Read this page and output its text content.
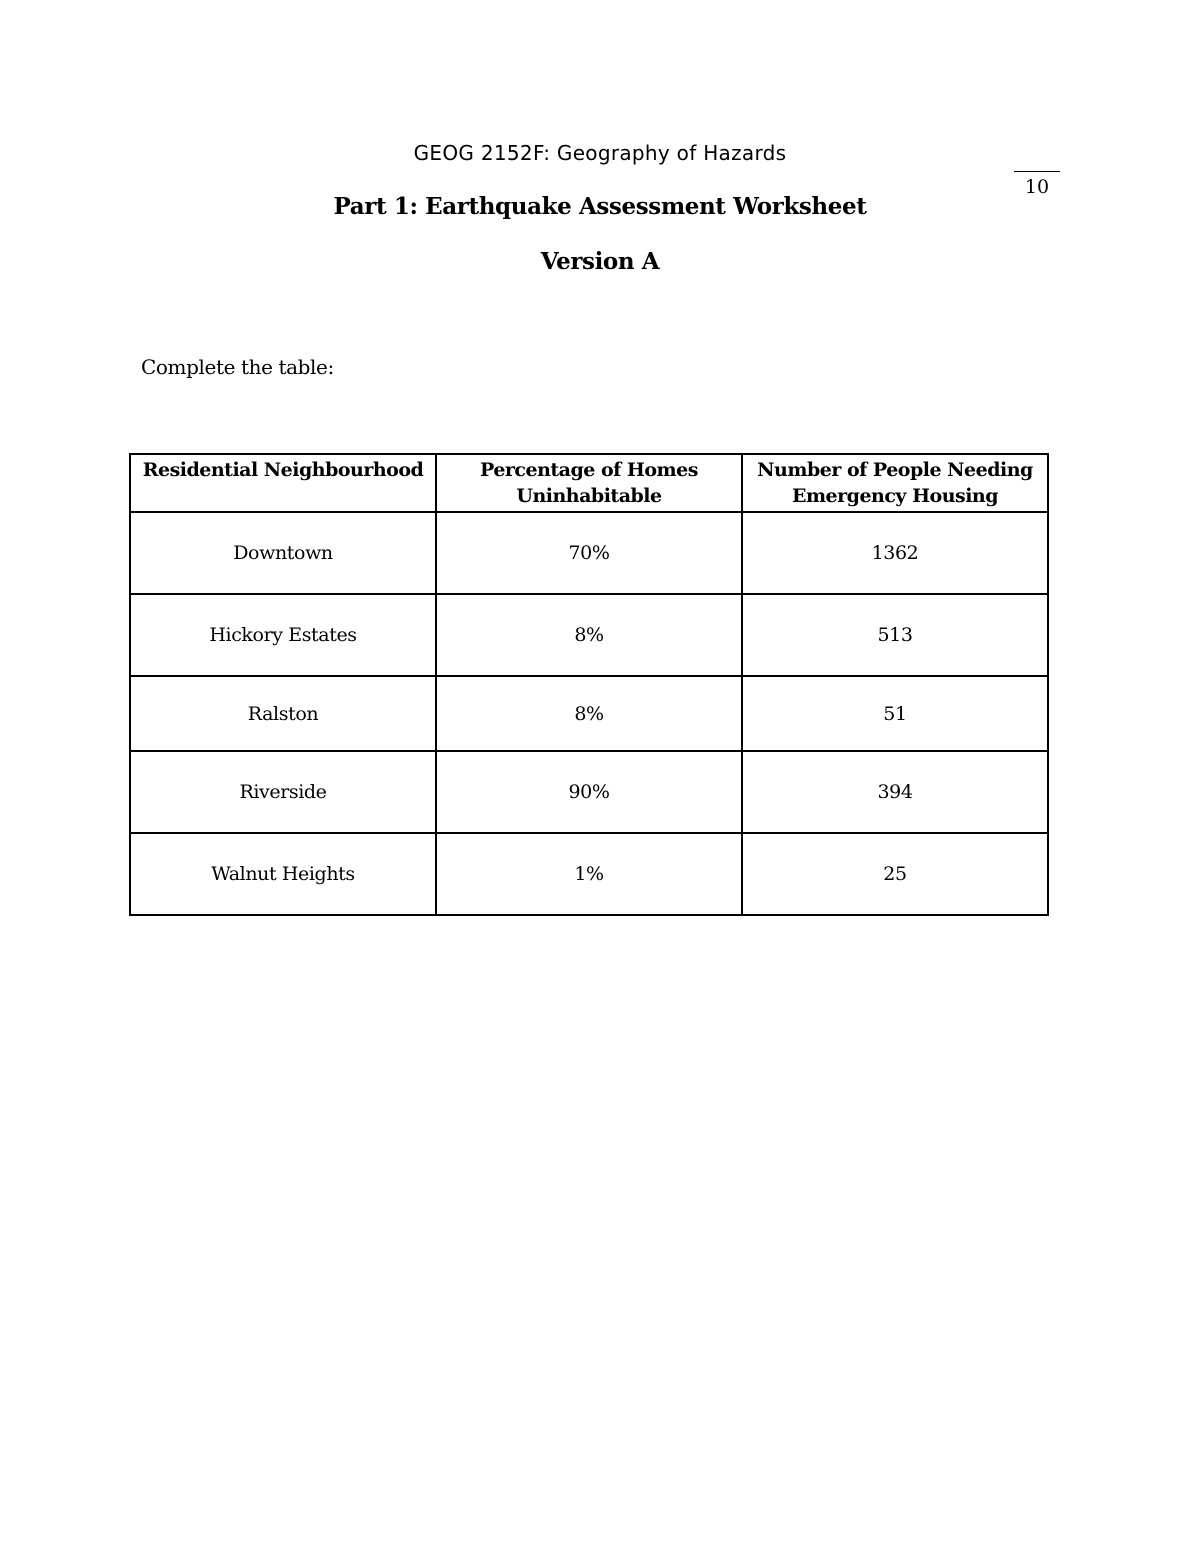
GEOG 2152F: Geography of Hazards
10
Part 1: Earthquake Assessment Worksheet
Version A
Complete the table:
Residential Neighbourhood	Percentage of Homes Uninhabitable	Number of People Needing Emergency Housing
Downtown	70%	1362
Hickory Estates	8%	513
Ralston	8%	51
Riverside	90%	394
Walnut Heights	1%	25
